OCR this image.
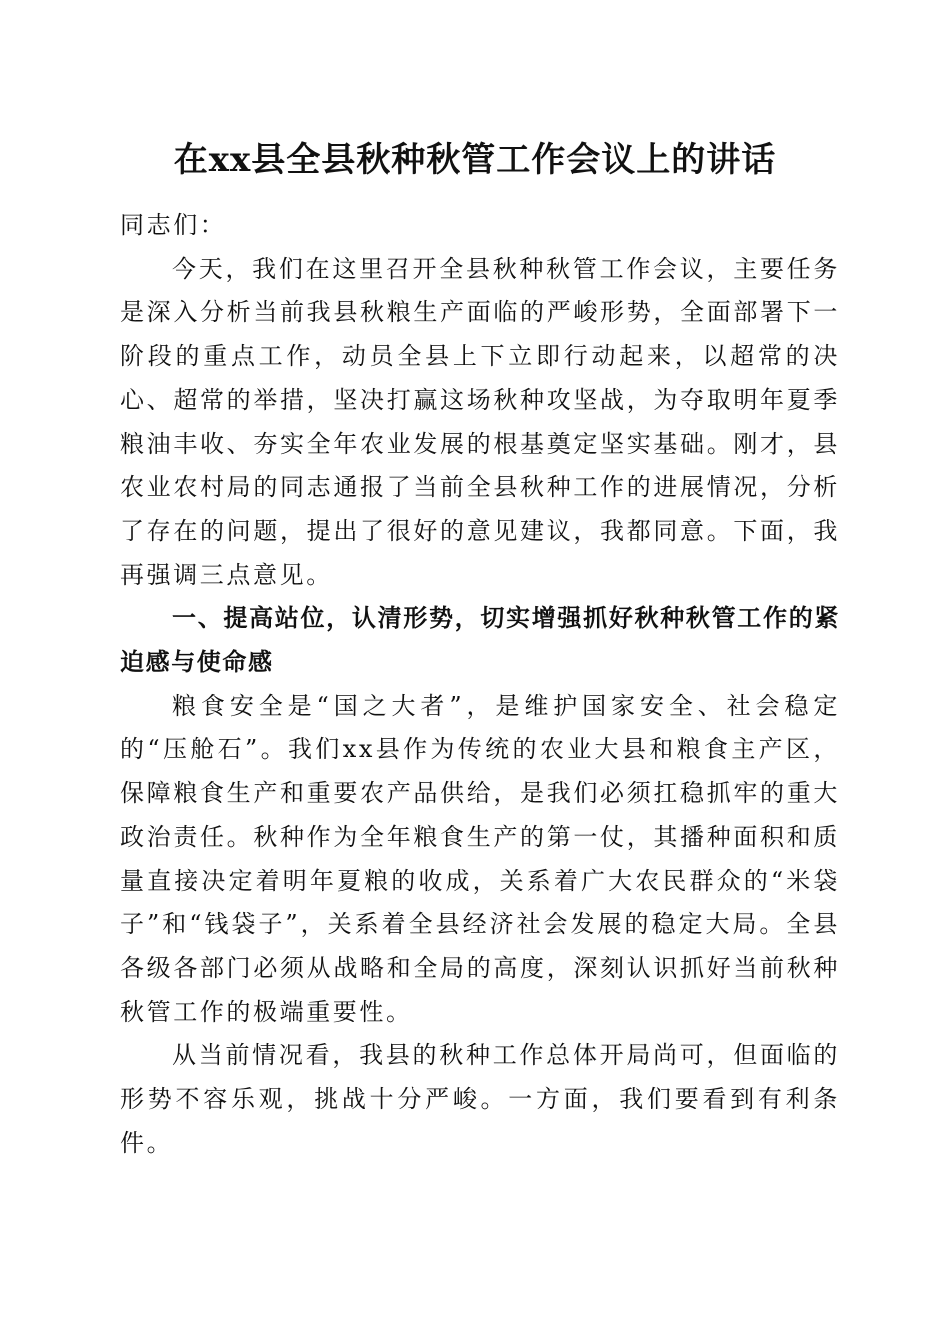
在xx县全县秋种秋管工作会议上的讲话

同志们：

今天，我们在这里召开全县秋种秋管工作会议，主要任务是深入分析当前我县秋粮生产面临的严峻形势，全面部署下一阶段的重点工作，动员全县上下立即行动起来，以超常的决心、超常的举措，坚决打赢这场秋种攻坚战，为夺取明年夏季粮油丰收、夯实全年农业发展的根基奠定坚实基础。刚才，县农业农村局的同志通报了当前全县秋种工作的进展情况，分析了存在的问题，提出了很好的意见建议，我都同意。下面，我再强调三点意见。

一、提高站位，认清形势，切实增强抓好秋种秋管工作的紧迫感与使命感

粮食安全是“国之大者”，是维护国家安全、社会稳定的“压舱石”。我们xx县作为传统的农业大县和粮食主产区，保障粮食生产和重要农产品供给，是我们必须扛稳抓牢的重大政治责任。秋种作为全年粮食生产的第一仗，其播种面积和质量直接决定着明年夏粮的收成，关系着广大农民群众的“米袋子”和“钱袋子”，关系着全县经济社会发展的稳定大局。全县各级各部门必须从战略和全局的高度，深刻认识抓好当前秋种秋管工作的极端重要性。

从当前情况看，我县的秋种工作总体开局尚可，但面临的形势不容乐观，挑战十分严峻。一方面，我们要看到有利条件。
